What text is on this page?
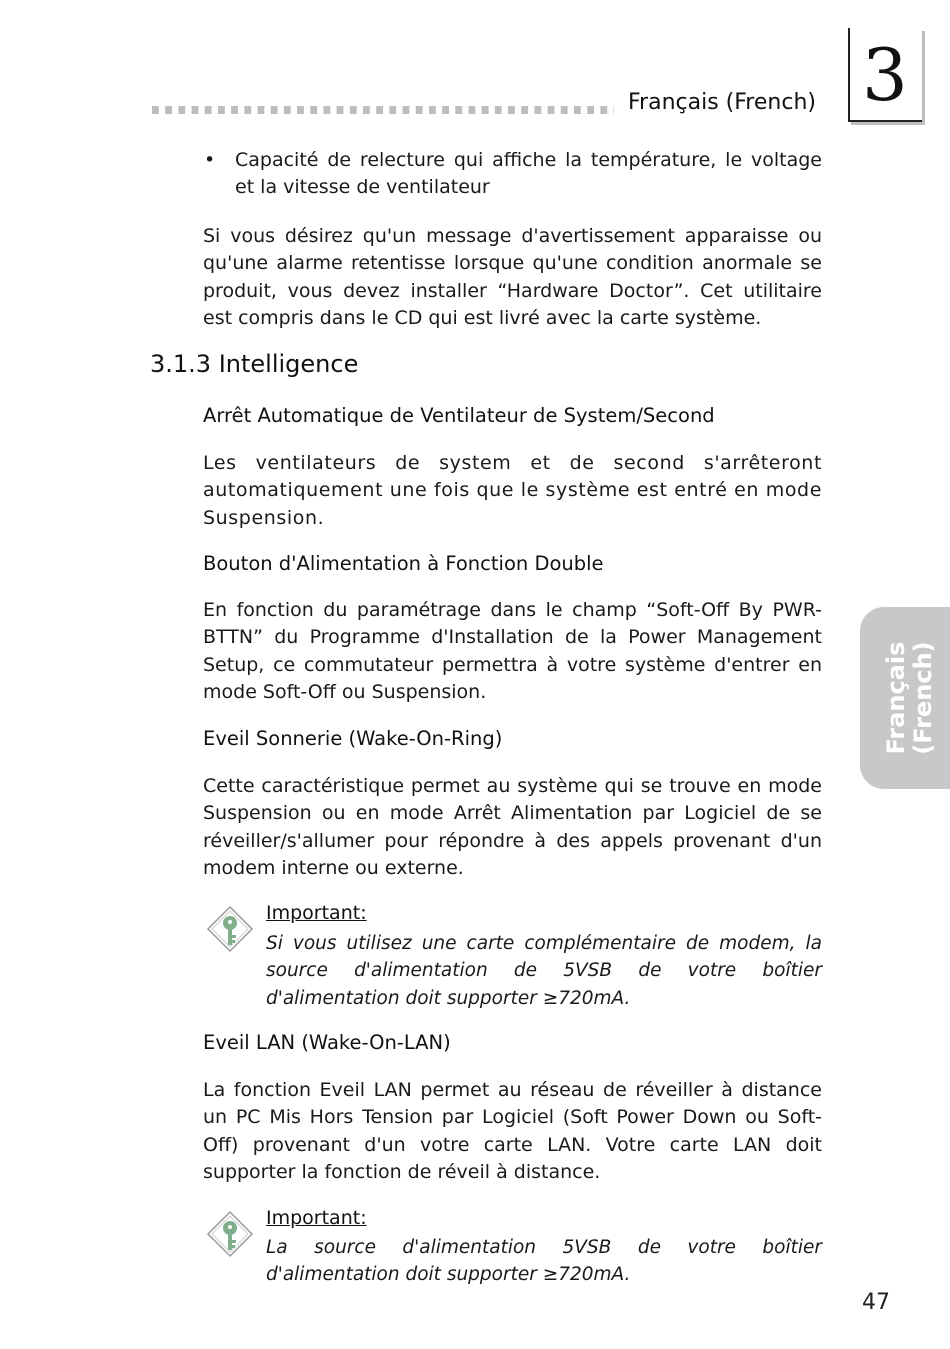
Français (French) 3
Français (French)
• Capacité de relecture qui affiche la température, le voltage et la vitesse de ventilateur
Si vous désirez qu'un message d'avertissement apparaisse ou qu'une alarme retentisse lorsque qu'une condition anormale se produit, vous devez installer “Hardware Doctor”. Cet utilitaire est compris dans le CD qui est livré avec la carte système.
3.1.3 Intelligence
Arrêt Automatique de Ventilateur de System/Second
Les ventilateurs de system et de second s'arrêteront automatiquement une fois que le système est entré en mode Suspension.
Bouton d'Alimentation à Fonction Double
En fonction du paramétrage dans le champ “Soft-Off By PWR-BTTN” du Programme d'Installation de la Power Management Setup, ce commutateur permettra à votre système d'entrer en mode Soft-Off ou Suspension.
Eveil Sonnerie (Wake-On-Ring)
Cette caractéristique permet au système qui se trouve en mode Suspension ou en mode Arrêt Alimentation par Logiciel de se réveiller/s'allumer pour répondre à des appels provenant d'un modem interne ou externe.
Important:
Si vous utilisez une carte complémentaire de modem, la source d'alimentation de 5VSB de votre boîtier d'alimentation doit supporter ≥720mA.
Eveil LAN (Wake-On-LAN)
La fonction Eveil LAN permet au réseau de réveiller à distance un PC Mis Hors Tension par Logiciel (Soft Power Down ou Soft- Off) provenant d'un votre carte LAN. Votre carte LAN doit supporter la fonction de réveil à distance.
Important:
La source d'alimentation 5VSB de votre boîtier d'alimentation doit supporter ≥720mA.
47
